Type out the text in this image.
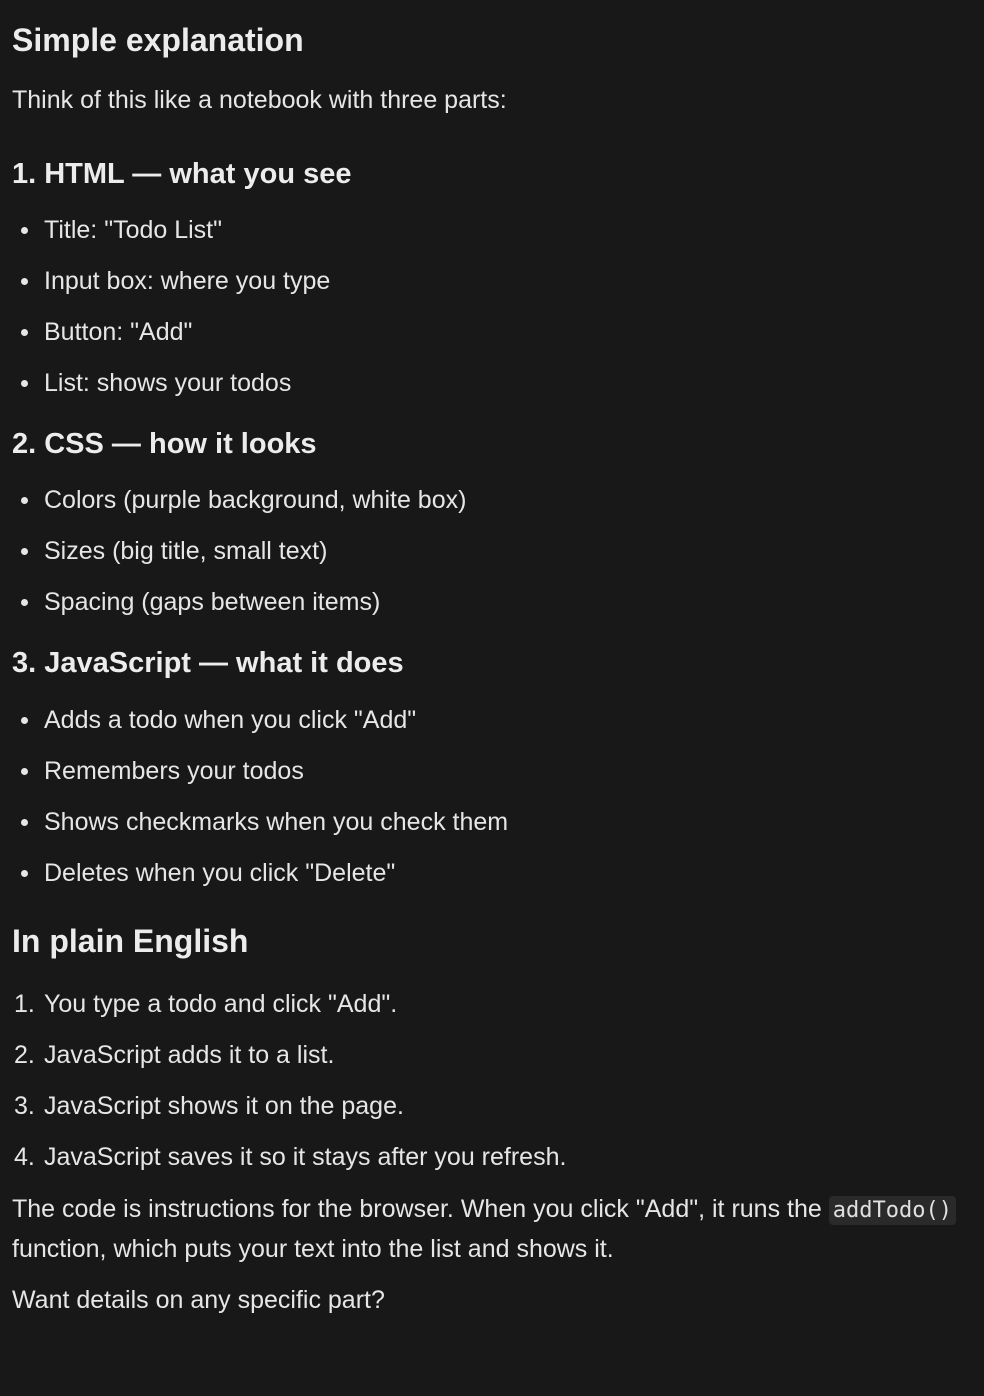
Simple explanation

Think of this like a notebook with three parts:

1. HTML — what you see
Title: "Todo List"
Input box: where you type
Button: "Add"
List: shows your todos
2. CSS — how it looks
Colors (purple background, white box)
Sizes (big title, small text)
Spacing (gaps between items)
3. JavaScript — what it does
Adds a todo when you click "Add"
Remembers your todos
Shows checkmarks when you check them
Deletes when you click "Delete"
In plain English
1. You type a todo and click "Add".
2. JavaScript adds it to a list.
3. JavaScript shows it on the page.
4. JavaScript saves it so it stays after you refresh.

The code is instructions for the browser. When you click "Add", it runs the addTodo() function, which puts your text into the list and shows it.

Want details on any specific part?
